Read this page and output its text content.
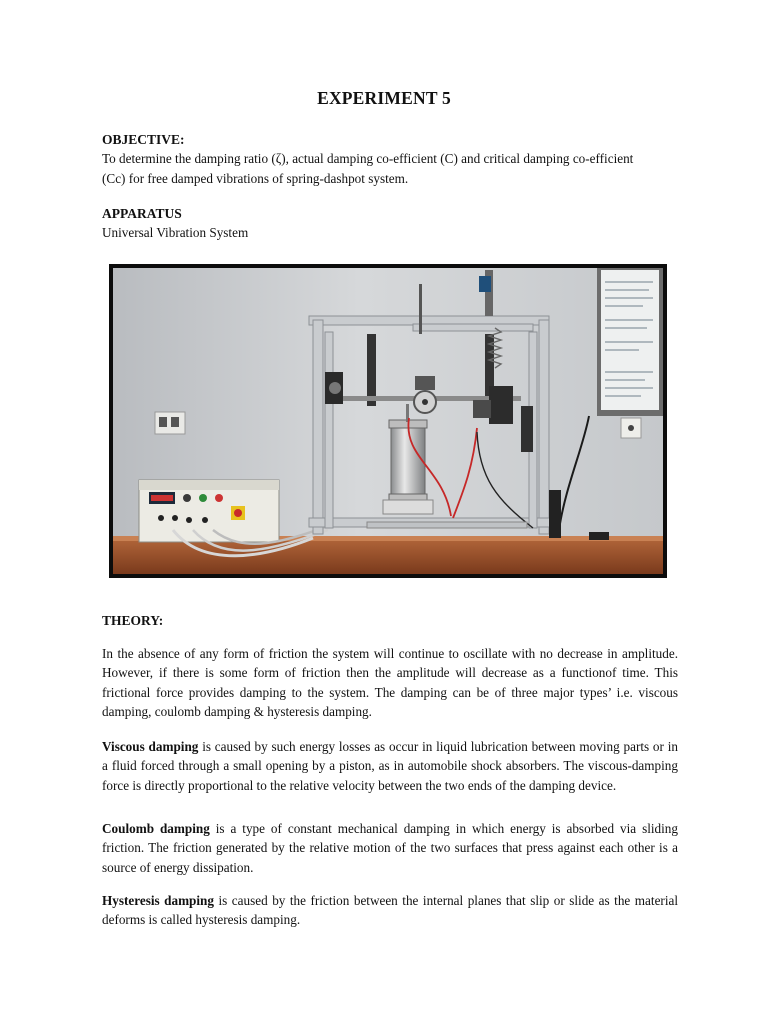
EXPERIMENT 5
OBJECTIVE:
To determine the damping ratio (ζ), actual damping co-efficient (C) and critical damping co-efficient
(Cc) for free damped vibrations of spring-dashpot system.
APPARATUS
Universal Vibration System
THEORY:

In the absence of any form of friction the system will continue to oscillate with no decrease in amplitude. However, if there is some form of friction then the amplitude will decrease as a functionof time. This frictional force provides damping to the system. The damping can be of three major types’ i.e. viscous damping, coulomb damping & hysteresis damping.

Viscous damping is caused by such energy losses as occur in liquid lubrication between moving parts or in a fluid forced through a small opening by a piston, as in automobile shock absorbers. The viscous-damping force is directly proportional to the relative velocity between the two ends of the damping device.

Coulomb damping is a type of constant mechanical damping in which energy is absorbed via sliding friction. The friction generated by the relative motion of the two surfaces that press against each other is a source of energy dissipation.

Hysteresis damping is caused by the friction between the internal planes that slip or slide as the material deforms is called hysteresis damping.
